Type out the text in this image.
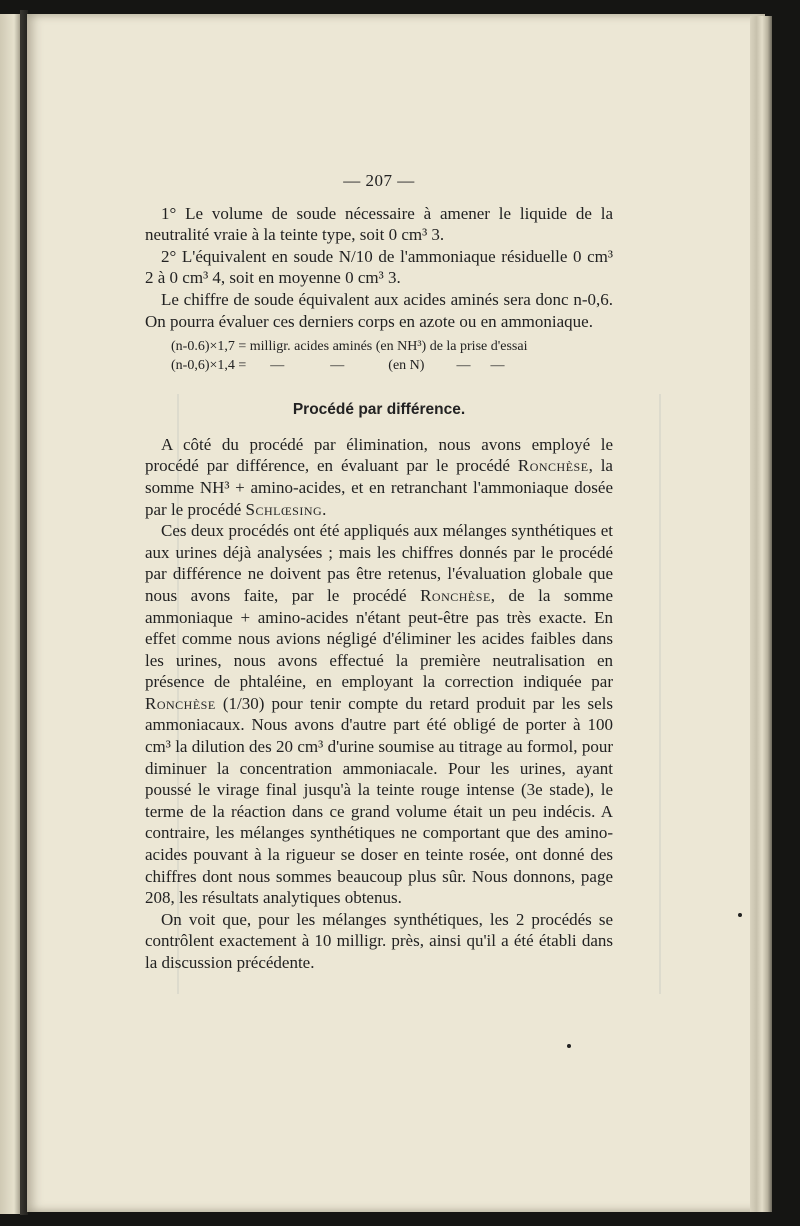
— 207 —

1° Le volume de soude nécessaire à amener le liquide de la neutralité vraie à la teinte type, soit 0 cm³ 3.

2° L'équivalent en soude N/10 de l'ammoniaque résiduelle 0 cm³ 2 à 0 cm³ 4, soit en moyenne 0 cm³ 3.

Le chiffre de soude équivalent aux acides aminés sera donc n-0,6. On pourra évaluer ces derniers corps en azote ou en ammoniaque.

(n-0.6)×1,7 = milligr. acides aminés (en NH³) de la prise d'essai
(n-0,6)×1,4 = —	—	(en N) — —
Procédé par différence.

A côté du procédé par élimination, nous avons employé le procédé par différence, en évaluant par le procédé Ronchèse, la somme NH³ + amino-acides, et en retranchant l'ammoniaque dosée par le procédé Schlœsing.

Ces deux procédés ont été appliqués aux mélanges synthétiques et aux urines déjà analysées ; mais les chiffres donnés par le procédé par différence ne doivent pas être retenus, l'évaluation globale que nous avons faite, par le procédé Ronchèse, de la somme ammoniaque + amino-acides n'étant peut-être pas très exacte. En effet comme nous avions négligé d'éliminer les acides faibles dans les urines, nous avons effectué la première neutralisation en présence de phtaléine, en employant la correction indiquée par Ronchèse (1/30) pour tenir compte du retard produit par les sels ammoniacaux. Nous avons d'autre part été obligé de porter à 100 cm³ la dilution des 20 cm³ d'urine soumise au titrage au formol, pour diminuer la concentration ammoniacale. Pour les urines, ayant poussé le virage final jusqu'à la teinte rouge intense (3e stade), le terme de la réaction dans ce grand volume était un peu indécis. A contraire, les mélanges synthétiques ne comportant que des amino-acides pouvant à la rigueur se doser en teinte rosée, ont donné des chiffres dont nous sommes beaucoup plus sûr. Nous donnons, page 208, les résultats analytiques obtenus.

On voit que, pour les mélanges synthétiques, les 2 procédés se contrôlent exactement à 10 milligr. près, ainsi qu'il a été établi dans la discussion précédente.
